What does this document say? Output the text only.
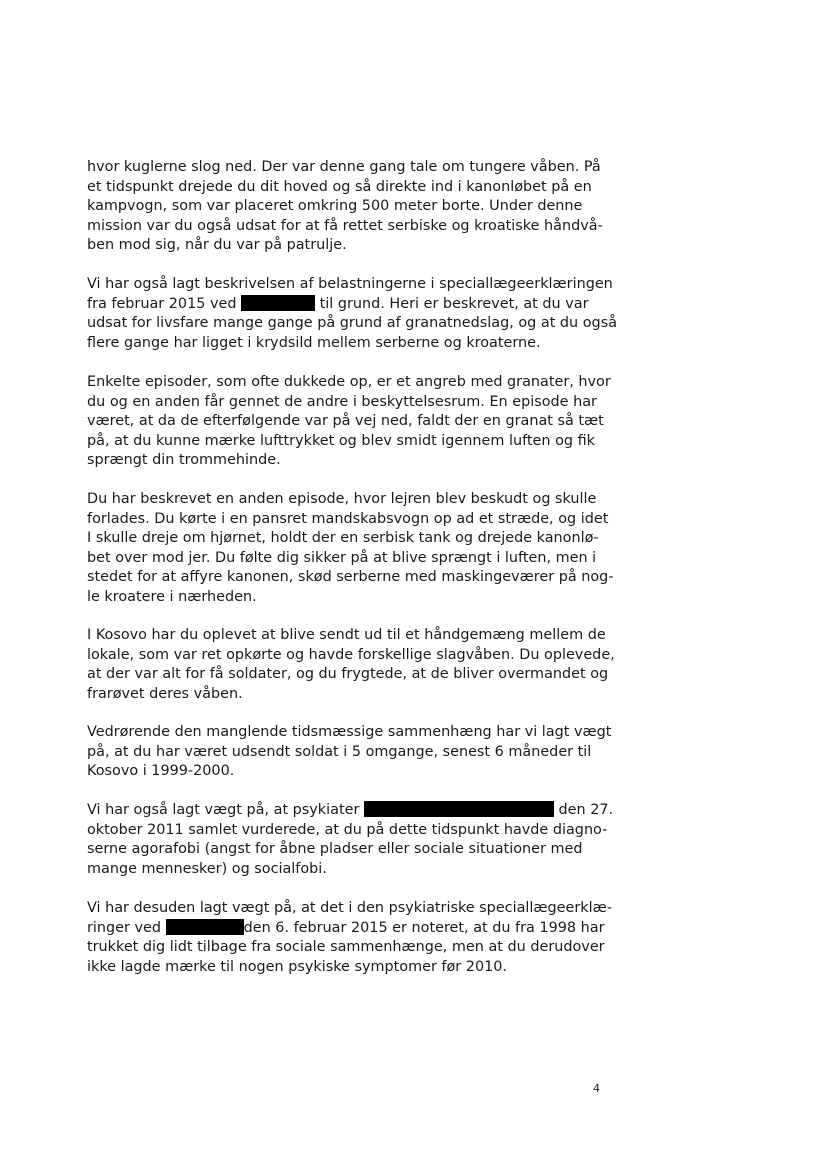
hvor kuglerne slog ned. Der var denne gang tale om tungere våben. På
et tidspunkt drejede du dit hoved og så direkte ind i kanonløbet på en
kampvogn, som var placeret omkring 500 meter borte. Under denne
mission var du også udsat for at få rettet serbiske og kroatiske håndvå-
ben mod sig, når du var på patrulje.
Vi har også lagt beskrivelsen af belastningerne i speciallægeerklæringen
fra februar 2015 ved	til grund. Heri er beskrevet, at du var
udsat for livsfare mange gange på grund af granatnedslag, og at du også
flere gange har ligget i krydsild mellem serberne og kroaterne.
Enkelte episoder, som ofte dukkede op, er et angreb med granater, hvor
du og en anden får gennet de andre i beskyttelsesrum. En episode har
været, at da de efterfølgende var på vej ned, faldt der en granat så tæt
på, at du kunne mærke lufttrykket og blev smidt igennem luften og fik
sprængt din trommehinde.
Du har beskrevet en anden episode, hvor lejren blev beskudt og skulle
forlades. Du kørte i en pansret mandskabsvogn op ad et stræde, og idet
I skulle dreje om hjørnet, holdt der en serbisk tank og drejede kanonlø-
bet over mod jer. Du følte dig sikker på at blive sprængt i luften, men i
stedet for at affyre kanonen, skød serberne med maskingeværer på nog-
le kroatere i nærheden.
I Kosovo har du oplevet at blive sendt ud til et håndgemæng mellem de
lokale, som var ret opkørte og havde forskellige slagvåben. Du oplevede,
at der var alt for få soldater, og du frygtede, at de bliver overmandet og
frarøvet deres våben.
Vedrørende den manglende tidsmæssige sammenhæng har vi lagt vægt
på, at du har været udsendt soldat i 5 omgange, senest 6 måneder til
Kosovo i 1999-2000.
Vi har også lagt vægt på, at psykiater	den 27.
oktober 2011 samlet vurderede, at du på dette tidspunkt havde diagno-
serne agorafobi (angst for åbne pladser eller sociale situationer med
mange mennesker) og socialfobi.
Vi har desuden lagt vægt på, at det i den psykiatriske speciallægeerklæ-
ringer ved	den 6. februar 2015 er noteret, at du fra 1998 har
trukket dig lidt tilbage fra sociale sammenhænge, men at du derudover
ikke lagde mærke til nogen psykiske symptomer før 2010.
4
